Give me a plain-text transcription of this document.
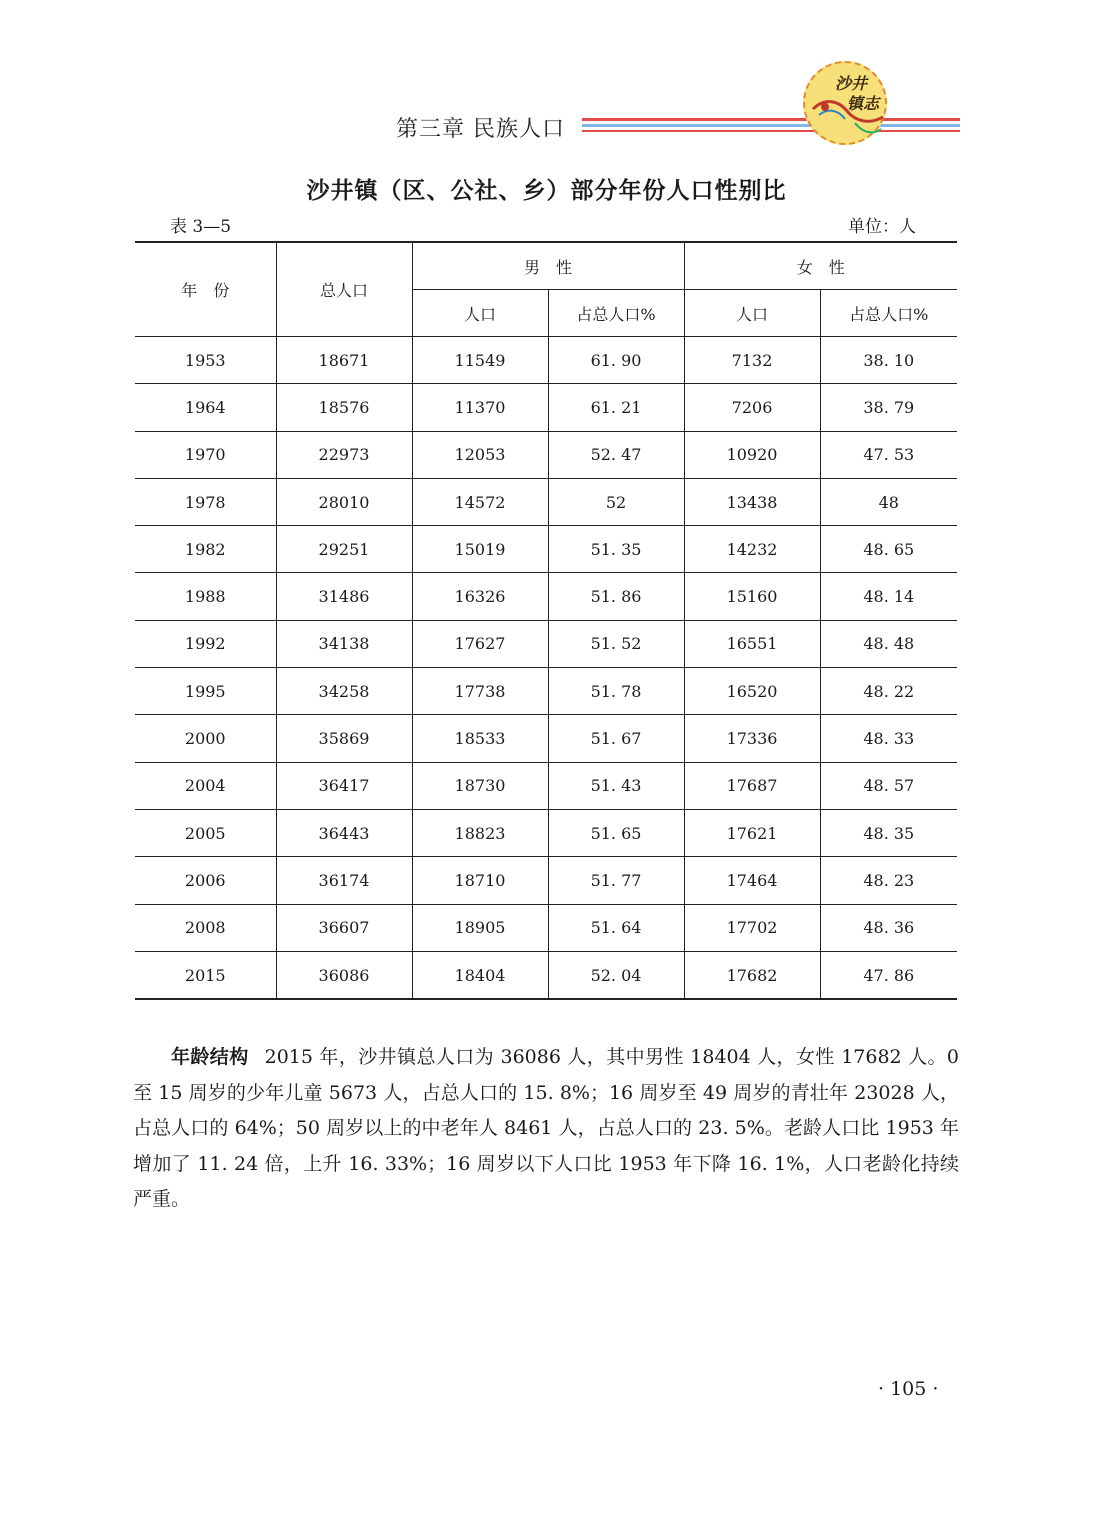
第三章 民族人口
沙井
镇志
沙井镇（区、公社、乡）部分年份人口性别比
表 3—5	单位：人
年　份	总人口	男　性		女　性	
		人口	占总人口%	人口	占总人口%
1953	18671	11549	61. 90	7132	38. 10
1964	18576	11370	61. 21	7206	38. 79
1970	22973	12053	52. 47	10920	47. 53
1978	28010	14572	52	13438	48
1982	29251	15019	51. 35	14232	48. 65
1988	31486	16326	51. 86	15160	48. 14
1992	34138	17627	51. 52	16551	48. 48
1995	34258	17738	51. 78	16520	48. 22
2000	35869	18533	51. 67	17336	48. 33
2004	36417	18730	51. 43	17687	48. 57
2005	36443	18823	51. 65	17621	48. 35
2006	36174	18710	51. 77	17464	48. 23
2008	36607	18905	51. 64	17702	48. 36
2015	36086	18404	52. 04	17682	47. 86
年龄结构 2015 年，沙井镇总人口为 36086 人，其中男性 18404 人，女性 17682 人。0 至 15 周岁的少年儿童 5673 人，占总人口的 15. 8%；16 周岁至 49 周岁的青壮年 23028 人，占总人口的 64%；50 周岁以上的中老年人 8461 人，占总人口的 23. 5%。老龄人口比 1953 年增加了 11. 24 倍，上升 16. 33%；16 周岁以下人口比 1953 年下降 16. 1%，人口老龄化持续严重。
· 105 ·
